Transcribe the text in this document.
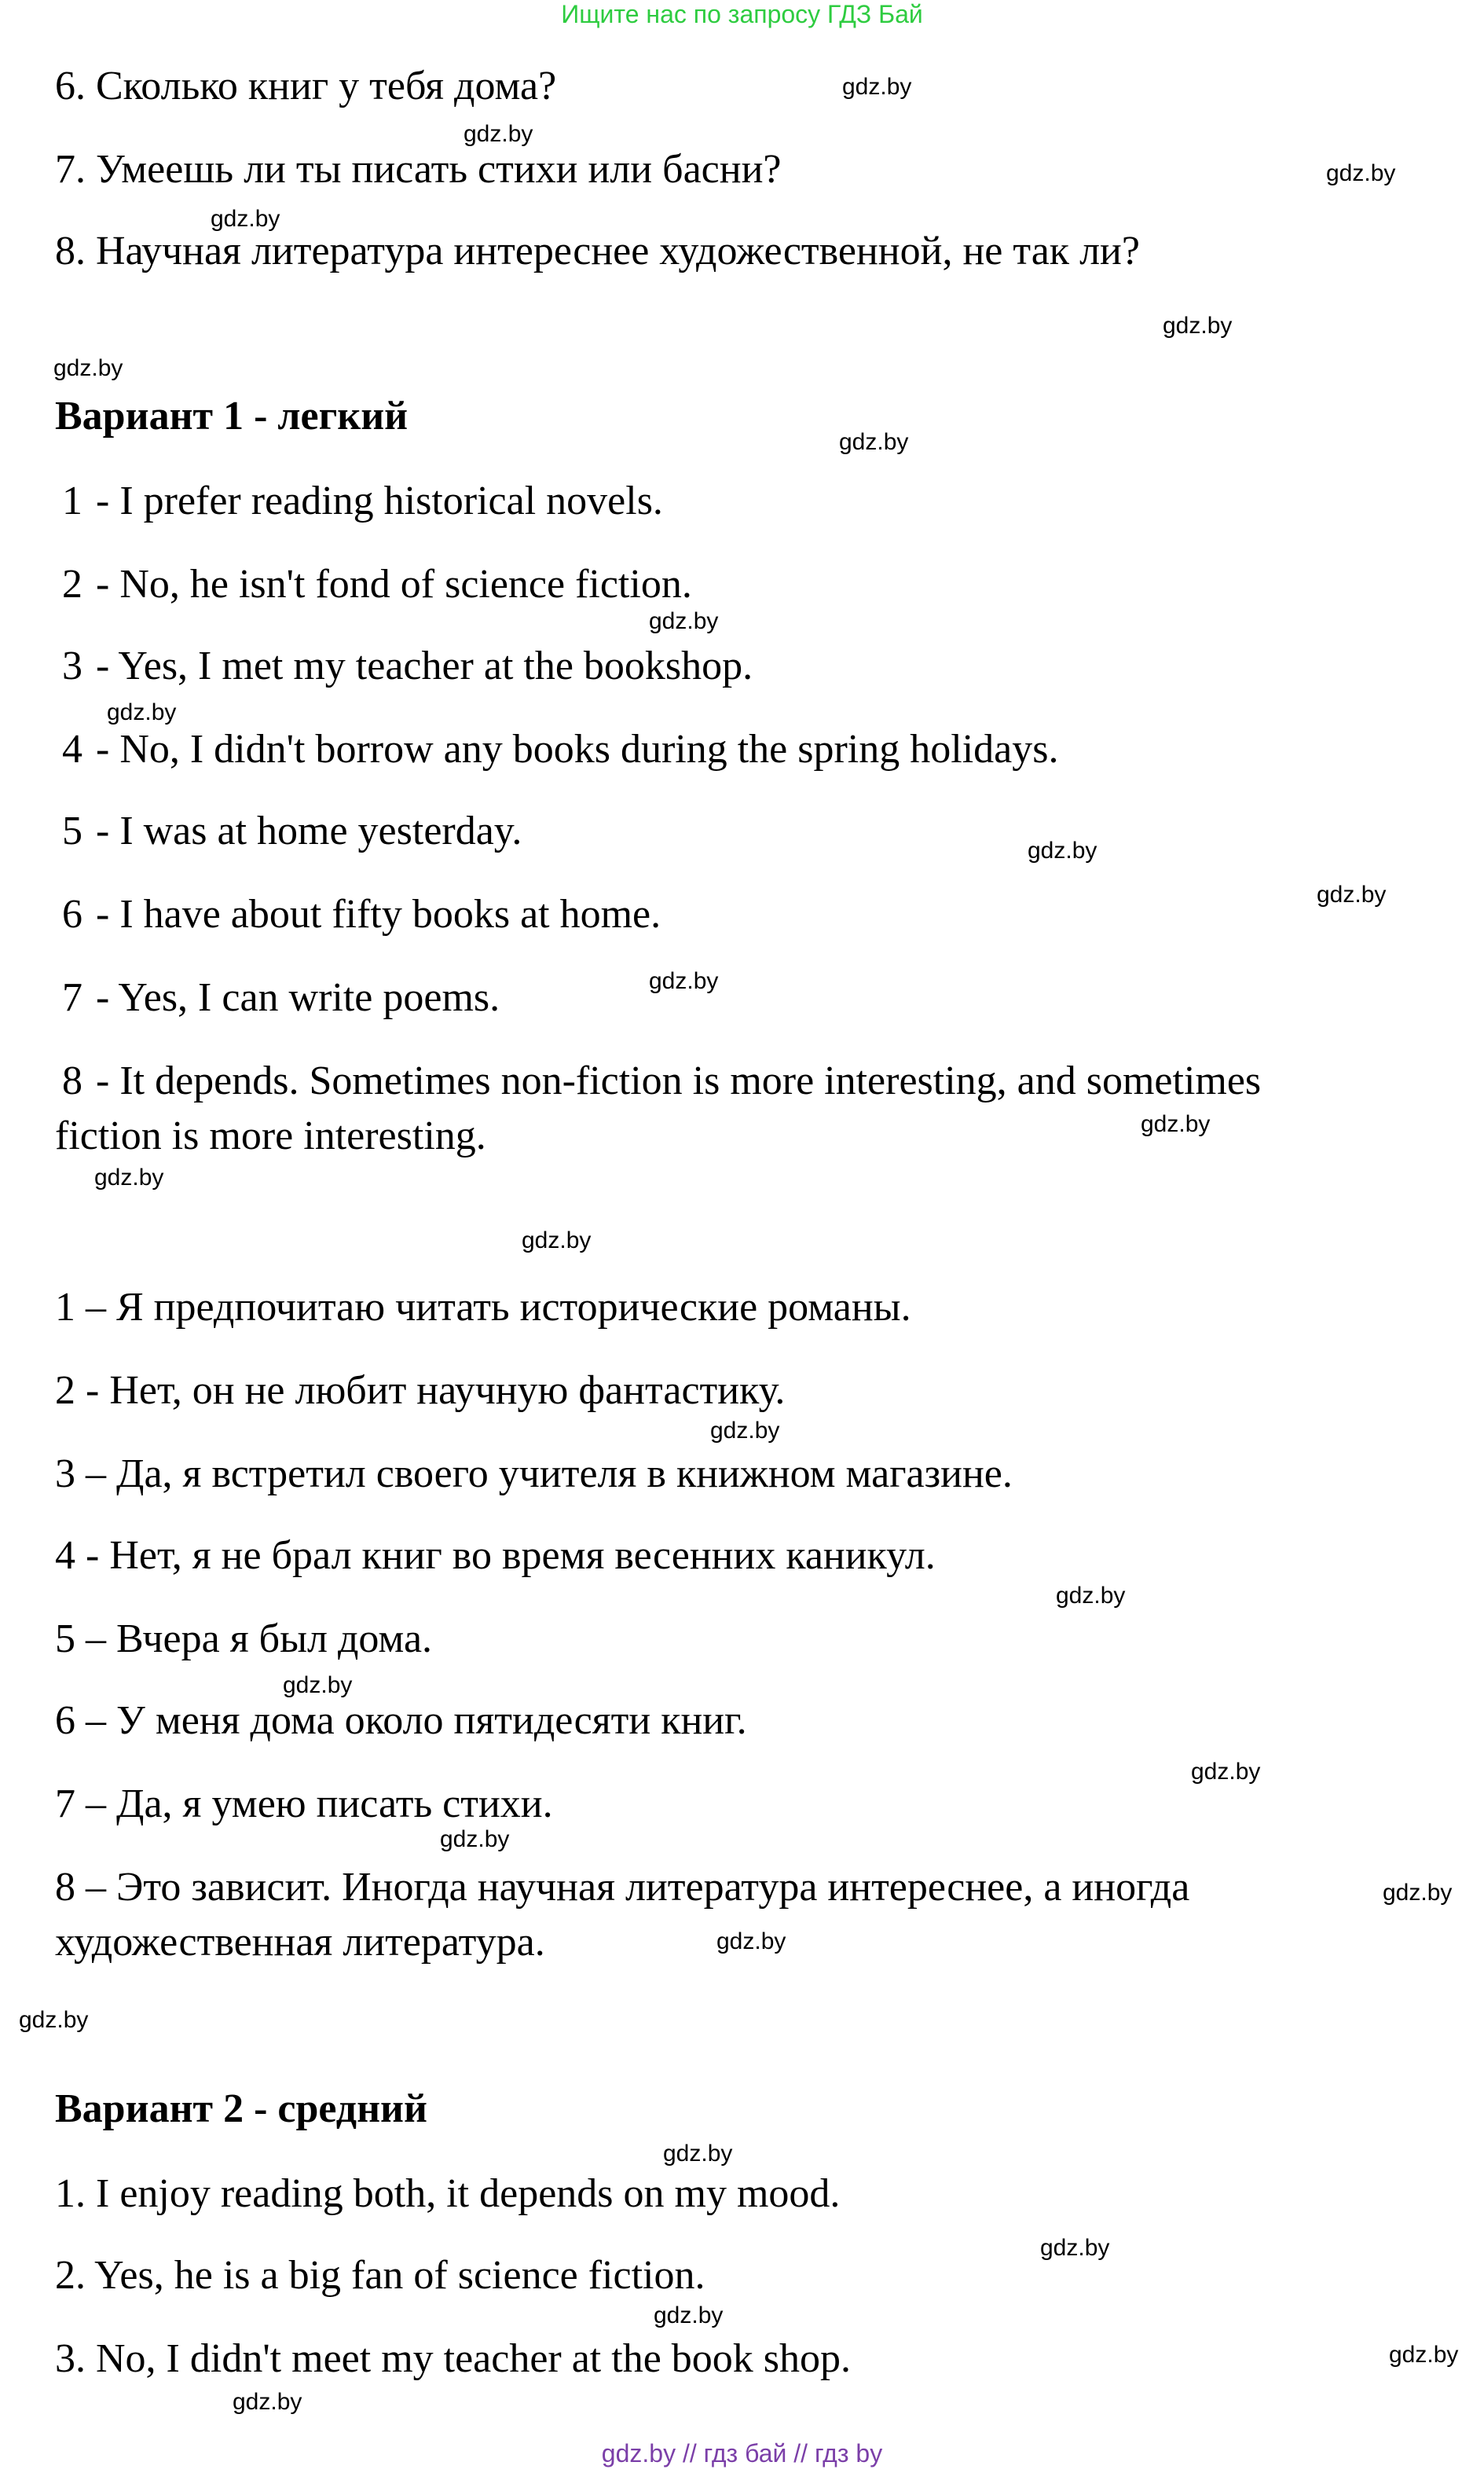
Ищите нас по запросу ГДЗ Бай
6. Сколько книг у тебя дома?
7. Умеешь ли ты писать стихи или басни?
8. Научная литература интереснее художественной, не так ли?
Вариант 1 - легкий
1 - I prefer reading historical novels.
2 - No, he isn't fond of science fiction.
3 - Yes, I met my teacher at the bookshop.
4 - No, I didn't borrow any books during the spring holidays.
5 - I was at home yesterday.
6 - I have about fifty books at home.
7 - Yes, I can write poems.
8 - It depends. Sometimes non-fiction is more interesting, and sometimes
fiction is more interesting.
1 – Я предпочитаю читать исторические романы.
2 - Нет, он не любит научную фантастику.
3 – Да, я встретил своего учителя в книжном магазине.
4 - Нет, я не брал книг во время весенних каникул.
5 – Вчера я был дома.
6 – У меня дома около пятидесяти книг.
7 – Да, я умею писать стихи.
8 – Это зависит. Иногда научная литература интереснее, а иногда
художественная литература.
Вариант 2 - средний
1. I enjoy reading both, it depends on my mood.
2. Yes, he is a big fan of science fiction.
3. No, I didn't meet my teacher at the book shop.
gdz.by
gdz.by
gdz.by
gdz.by
gdz.by
gdz.by
gdz.by
gdz.by
gdz.by
gdz.by
gdz.by
gdz.by
gdz.by
gdz.by
gdz.by
gdz.by
gdz.by
gdz.by
gdz.by
gdz.by
gdz.by
gdz.by
gdz.by
gdz.by
gdz.by
gdz.by
gdz.by
gdz.by
gdz.by // гдз бай // гдз by
